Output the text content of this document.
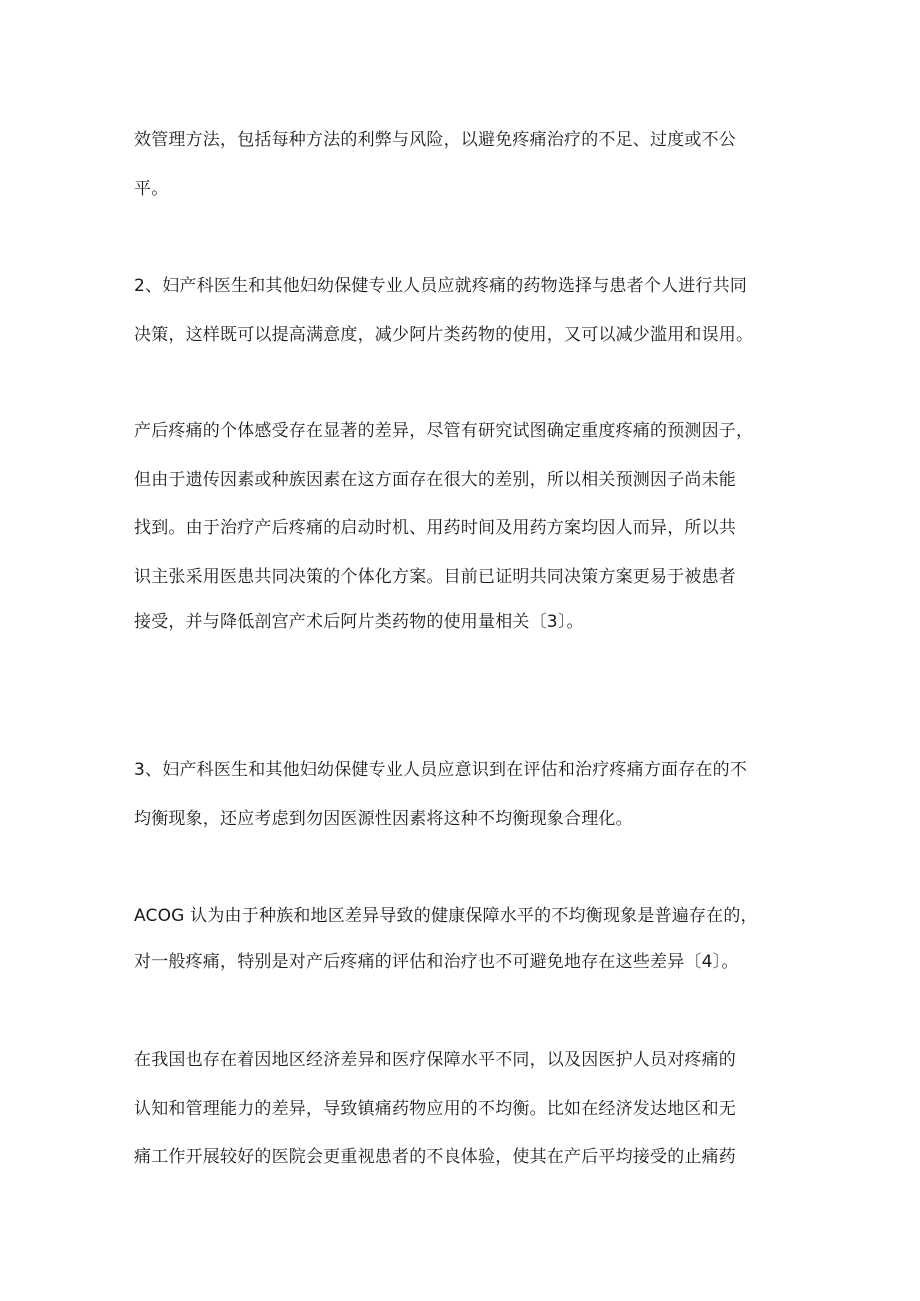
效管理方法，包括每种方法的利弊与风险，以避免疼痛治疗的不足、过度或不公
平。
2、妇产科医生和其他妇幼保健专业人员应就疼痛的药物选择与患者个人进行共同
决策，这样既可以提高满意度，减少阿片类药物的使用，又可以减少滥用和误用。
产后疼痛的个体感受存在显著的差异，尽管有研究试图确定重度疼痛的预测因子，
但由于遗传因素或种族因素在这方面存在很大的差别，所以相关预测因子尚未能
找到。由于治疗产后疼痛的启动时机、用药时间及用药方案均因人而异，所以共
识主张采用医患共同决策的个体化方案。目前已证明共同决策方案更易于被患者
接受，并与降低剖宫产术后阿片类药物的使用量相关〔3〕。
3、妇产科医生和其他妇幼保健专业人员应意识到在评估和治疗疼痛方面存在的不
均衡现象，还应考虑到勿因医源性因素将这种不均衡现象合理化。
ACOG 认为由于种族和地区差异导致的健康保障水平的不均衡现象是普遍存在的，
对一般疼痛，特别是对产后疼痛的评估和治疗也不可避免地存在这些差异〔4〕。
在我国也存在着因地区经济差异和医疗保障水平不同，以及因医护人员对疼痛的
认知和管理能力的差异，导致镇痛药物应用的不均衡。比如在经济发达地区和无
痛工作开展较好的医院会更重视患者的不良体验，使其在产后平均接受的止痛药
